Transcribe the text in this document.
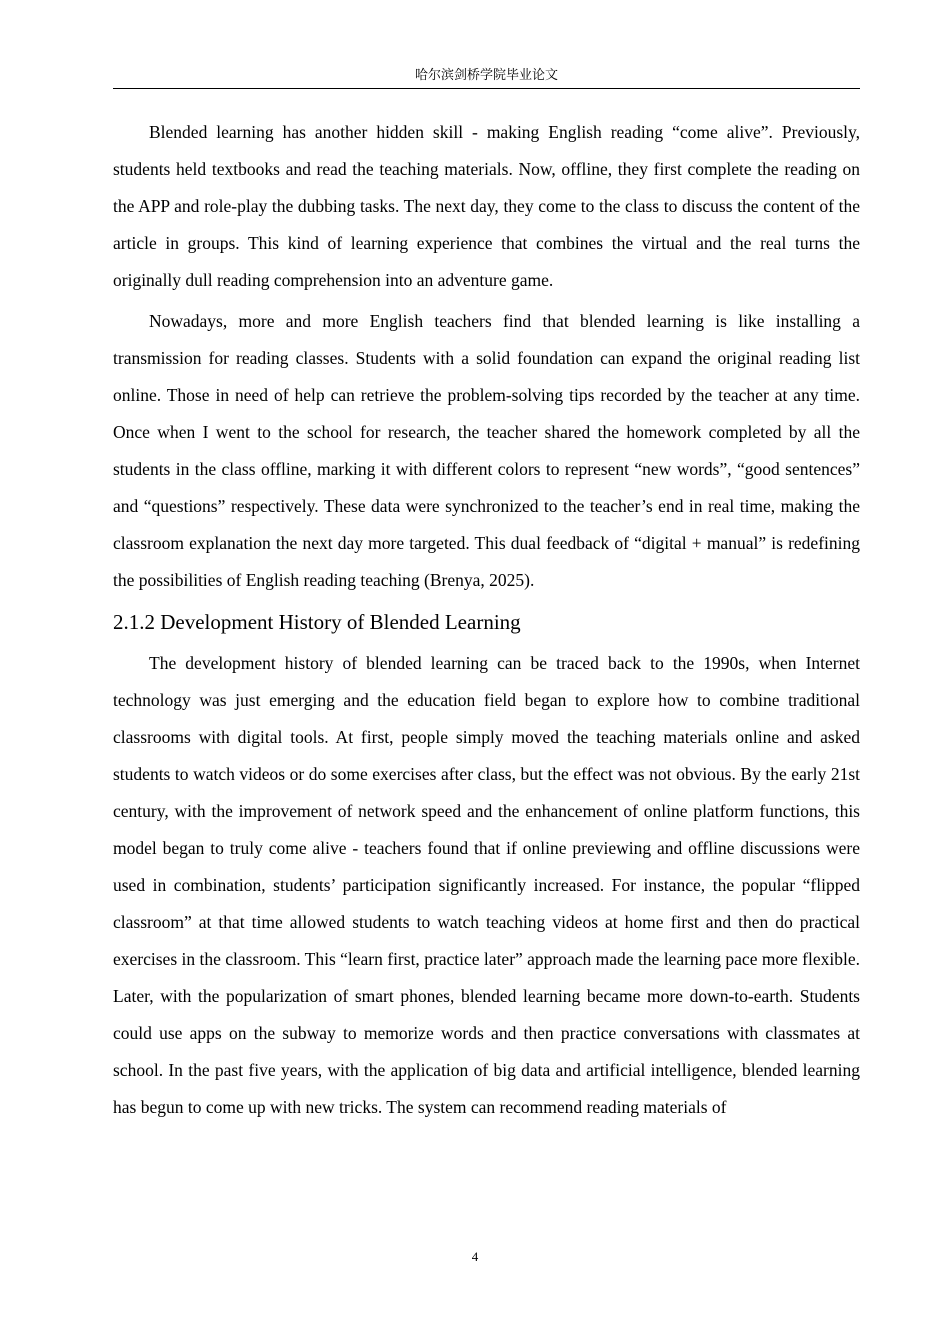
哈尔滨剑桥学院毕业论文

Blended learning has another hidden skill - making English reading “come alive”. Previously, students held textbooks and read the teaching materials. Now, offline, they first complete the reading on the APP and role-play the dubbing tasks. The next day, they come to the class to discuss the content of the article in groups. This kind of learning experience that combines the virtual and the real turns the originally dull reading comprehension into an adventure game.

Nowadays, more and more English teachers find that blended learning is like installing a transmission for reading classes. Students with a solid foundation can expand the original reading list online. Those in need of help can retrieve the problem-solving tips recorded by the teacher at any time. Once when I went to the school for research, the teacher shared the homework completed by all the students in the class offline, marking it with different colors to represent “new words”, “good sentences” and “questions” respectively. These data were synchronized to the teacher’s end in real time, making the classroom explanation the next day more targeted. This dual feedback of “digital + manual” is redefining the possibilities of English reading teaching (Brenya, 2025).

2.1.2 Development History of Blended Learning

The development history of blended learning can be traced back to the 1990s, when Internet technology was just emerging and the education field began to explore how to combine traditional classrooms with digital tools. At first, people simply moved the teaching materials online and asked students to watch videos or do some exercises after class, but the effect was not obvious. By the early 21st century, with the improvement of network speed and the enhancement of online platform functions, this model began to truly come alive - teachers found that if online previewing and offline discussions were used in combination, students’ participation significantly increased. For instance, the popular “flipped classroom” at that time allowed students to watch teaching videos at home first and then do practical exercises in the classroom. This “learn first, practice later” approach made the learning pace more flexible. Later, with the popularization of smart phones, blended learning became more down-to-earth. Students could use apps on the subway to memorize words and then practice conversations with classmates at school. In the past five years, with the application of big data and artificial intelligence, blended learning has begun to come up with new tricks. The system can recommend reading materials of

4
